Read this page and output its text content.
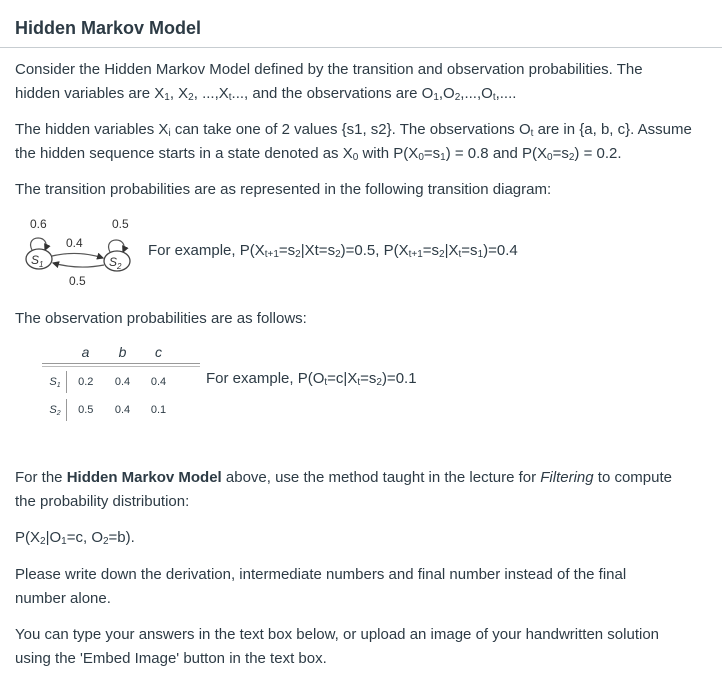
Hidden Markov Model

Consider the Hidden Markov Model defined by the transition and observation probabilities. The

hidden variables are $X_1$, $X_2$, $...,X_t$..., and the observations are $O_1,O_2,...,O_t$,....

The hidden variables $X_i$ can take one of 2 values {s1, s2}. The observations $O_t$ are in {a, b, c}. Assume

the hidden sequence starts in a state denoted as $X_0$ with $P(X_0=s_1) = 0.8$ and $P(X_0=s_2) = 0.2$.

The transition probabilities are as represented in the following transition diagram:

0.6	0.5
$S_1$	$S_2$
0.4
0.5

For example, $P(X_{t+1}=s_2|Xt=s_2)=0.5$, $P(X_{t+1}=s_2|X_t=s_1)=0.4$

The observation probabilities are as follows:

	a	b	c

$S_1$	0.2	0.4	0.4

$S_2$	0.5	0.4	0.1

For example, $P(O_t=c|X_t=s_2)=0.1$

For the Hidden Markov Model above, use the method taught in the lecture for Filtering to compute

the probability distribution:

$P(X_2|O_1=c$, $O_2=b$).

Please write down the derivation, intermediate numbers and final number instead of the final

number alone.

You can type your answers in the text box below, or upload an image of your handwritten solution

using the 'Embed Image' button in the text box.
